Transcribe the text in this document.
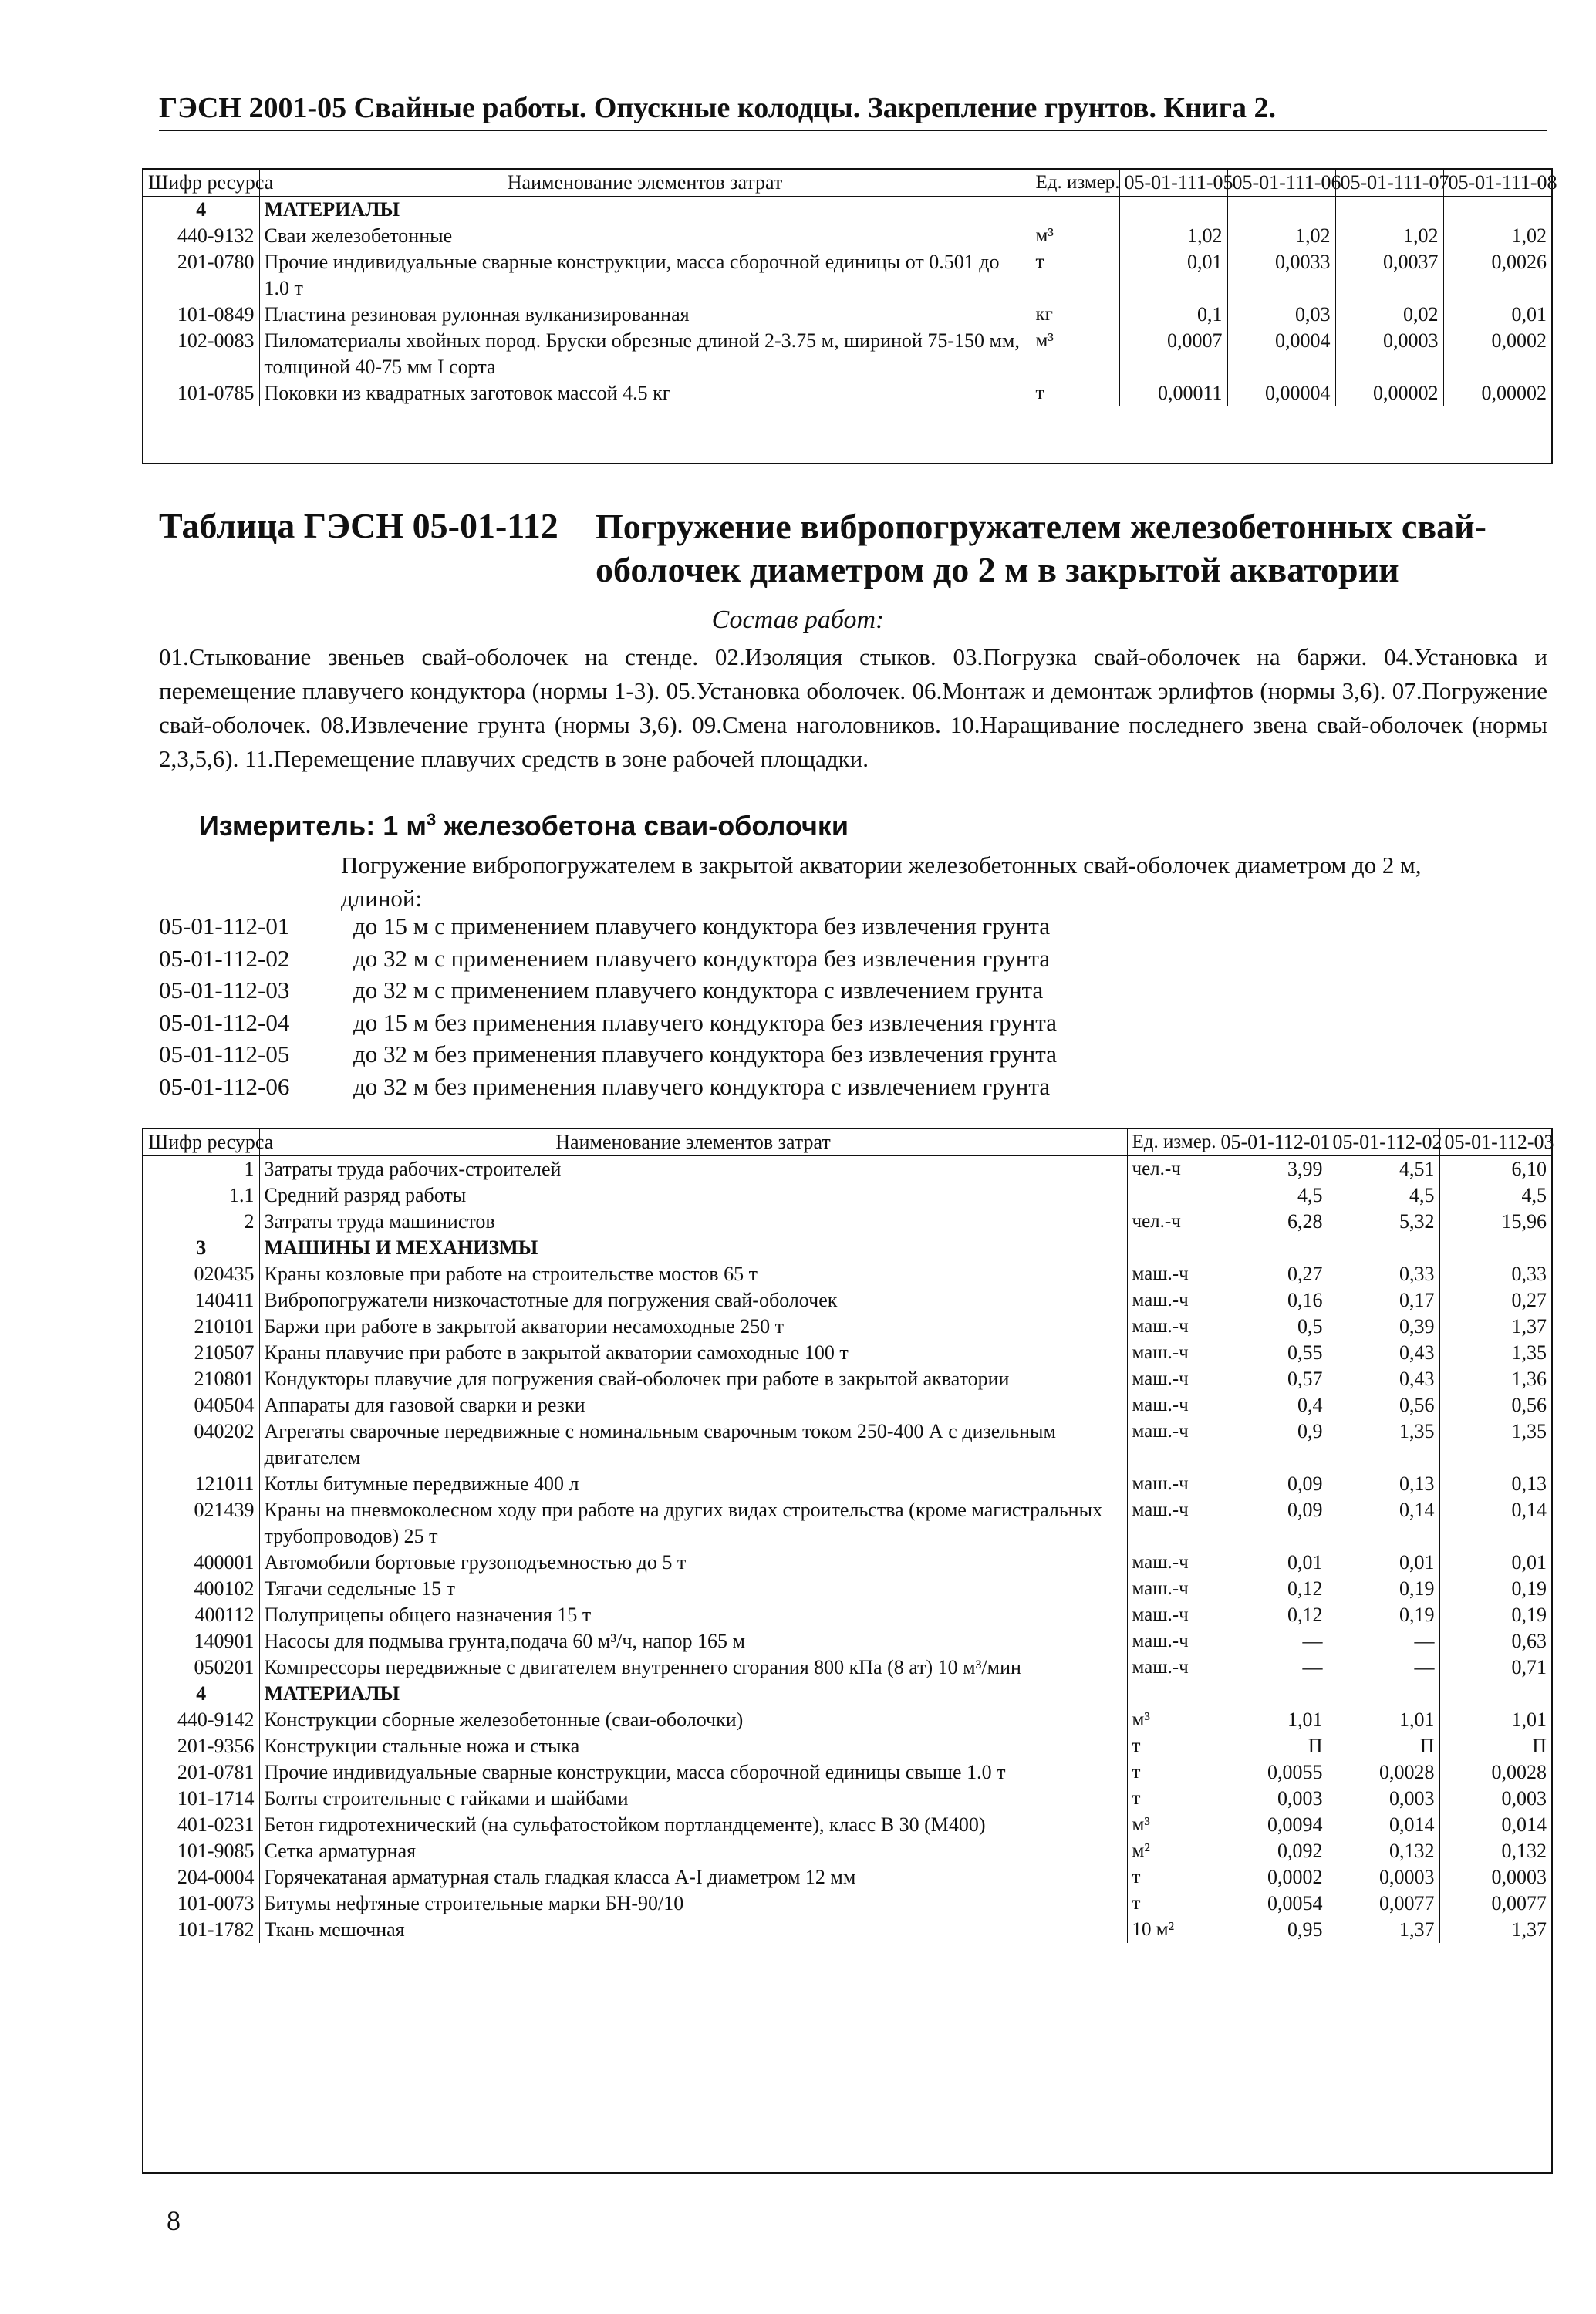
ГЭСН 2001-05 Свайные работы. Опускные колодцы. Закрепление грунтов. Книга 2.
Шифр ресурса	Наименование элементов затрат	Ед. измер.	05-01-111-05	05-01-111-06	05-01-111-07	05-01-111-08
4	МАТЕРИАЛЫ					
440-9132	Сваи железобетонные	м³	1,02	1,02	1,02	1,02
201-0780	Прочие индивидуальные сварные конструкции, масса сборочной единицы от 0.501 до 1.0 т	т	0,01	0,0033	0,0037	0,0026
101-0849	Пластина резиновая рулонная вулканизированная	кг	0,1	0,03	0,02	0,01
102-0083	Пиломатериалы хвойных пород. Бруски обрезные длиной 2-3.75 м, шириной 75-150 мм, толщиной 40-75 мм I сорта	м³	0,0007	0,0004	0,0003	0,0002
101-0785	Поковки из квадратных заготовок массой 4.5 кг	т	0,00011	0,00004	0,00002	0,00002
Таблица ГЭСН 05-01-112 Погружение вибропогружателем железобетонных свай-оболочек диаметром до 2 м в закрытой акватории
Состав работ:
01.Стыкование звеньев свай-оболочек на стенде. 02.Изоляция стыков. 03.Погрузка свай-оболочек на баржи. 04.Установка и перемещение плавучего кондуктора (нормы 1-3). 05.Установка оболочек. 06.Монтаж и демонтаж эрлифтов (нормы 3,6). 07.Погружение свай-оболочек. 08.Извлечение грунта (нормы 3,6). 09.Смена наголовников. 10.Наращивание последнего звена свай-оболочек (нормы 2,3,5,6). 11.Перемещение плавучих средств в зоне рабочей площадки.
Измеритель: 1 $м^3$ железобетона сваи-оболочки
Погружение вибропогружателем в закрытой акватории железобетонных свай-оболочек диаметром до 2 м, длиной:
05-01-112-01	до 15 м с применением плавучего кондуктора без извлечения грунта
05-01-112-02	до 32 м с применением плавучего кондуктора без извлечения грунта
05-01-112-03	до 32 м с применением плавучего кондуктора с извлечением грунта
05-01-112-04	до 15 м без применения плавучего кондуктора без извлечения грунта
05-01-112-05	до 32 м без применения плавучего кондуктора без извлечения грунта
05-01-112-06	до 32 м без применения плавучего кондуктора с извлечением грунта
Шифр ресурса	Наименование элементов затрат	Ед. измер.	05-01-112-01	05-01-112-02	05-01-112-03
1	Затраты труда рабочих-строителей	чел.-ч	3,99	4,51	6,10
1.1	Средний разряд работы		4,5	4,5	4,5
2	Затраты труда машинистов	чел.-ч	6,28	5,32	15,96
3	МАШИНЫ И МЕХАНИЗМЫ				
020435	Краны козловые при работе на строительстве мостов 65 т	маш.-ч	0,27	0,33	0,33
140411	Вибропогружатели низкочастотные для погружения свай-оболочек	маш.-ч	0,16	0,17	0,27
210101	Баржи при работе в закрытой акватории несамоходные 250 т	маш.-ч	0,5	0,39	1,37
210507	Краны плавучие при работе в закрытой акватории самоходные 100 т	маш.-ч	0,55	0,43	1,35
210801	Кондукторы плавучие для погружения свай-оболочек при работе в закрытой акватории	маш.-ч	0,57	0,43	1,36
040504	Аппараты для газовой сварки и резки	маш.-ч	0,4	0,56	0,56
040202	Агрегаты сварочные передвижные с номинальным сварочным током 250-400 А с дизельным двигателем	маш.-ч	0,9	1,35	1,35
121011	Котлы битумные передвижные 400 л	маш.-ч	0,09	0,13	0,13
021439	Краны на пневмоколесном ходу при работе на других видах строительства (кроме магистральных трубопроводов) 25 т	маш.-ч	0,09	0,14	0,14
400001	Автомобили бортовые грузоподъемностью до 5 т	маш.-ч	0,01	0,01	0,01
400102	Тягачи седельные 15 т	маш.-ч	0,12	0,19	0,19
400112	Полуприцепы общего назначения 15 т	маш.-ч	0,12	0,19	0,19
140901	Насосы для подмыва грунта,подача 60 м³/ч, напор 165 м	маш.-ч	—	—	0,63
050201	Компрессоры передвижные с двигателем внутреннего сгорания 800 кПа (8 ат) 10 м³/мин	маш.-ч	—	—	0,71
4	МАТЕРИАЛЫ				
440-9142	Конструкции сборные железобетонные (сваи-оболочки)	м³	1,01	1,01	1,01
201-9356	Конструкции стальные ножа и стыка	т	П	П	П
201-0781	Прочие индивидуальные сварные конструкции, масса сборочной единицы свыше 1.0 т	т	0,0055	0,0028	0,0028
101-1714	Болты строительные с гайками и шайбами	т	0,003	0,003	0,003
401-0231	Бетон гидротехнический (на сульфатостойком портландцементе), класс В 30 (М400)	м³	0,0094	0,014	0,014
101-9085	Сетка арматурная	м²	0,092	0,132	0,132
204-0004	Горячекатаная арматурная сталь гладкая класса А-I диаметром 12 мм	т	0,0002	0,0003	0,0003
101-0073	Битумы нефтяные строительные марки БН-90/10	т	0,0054	0,0077	0,0077
101-1782	Ткань мешочная	10 м²	0,95	1,37	1,37
8
